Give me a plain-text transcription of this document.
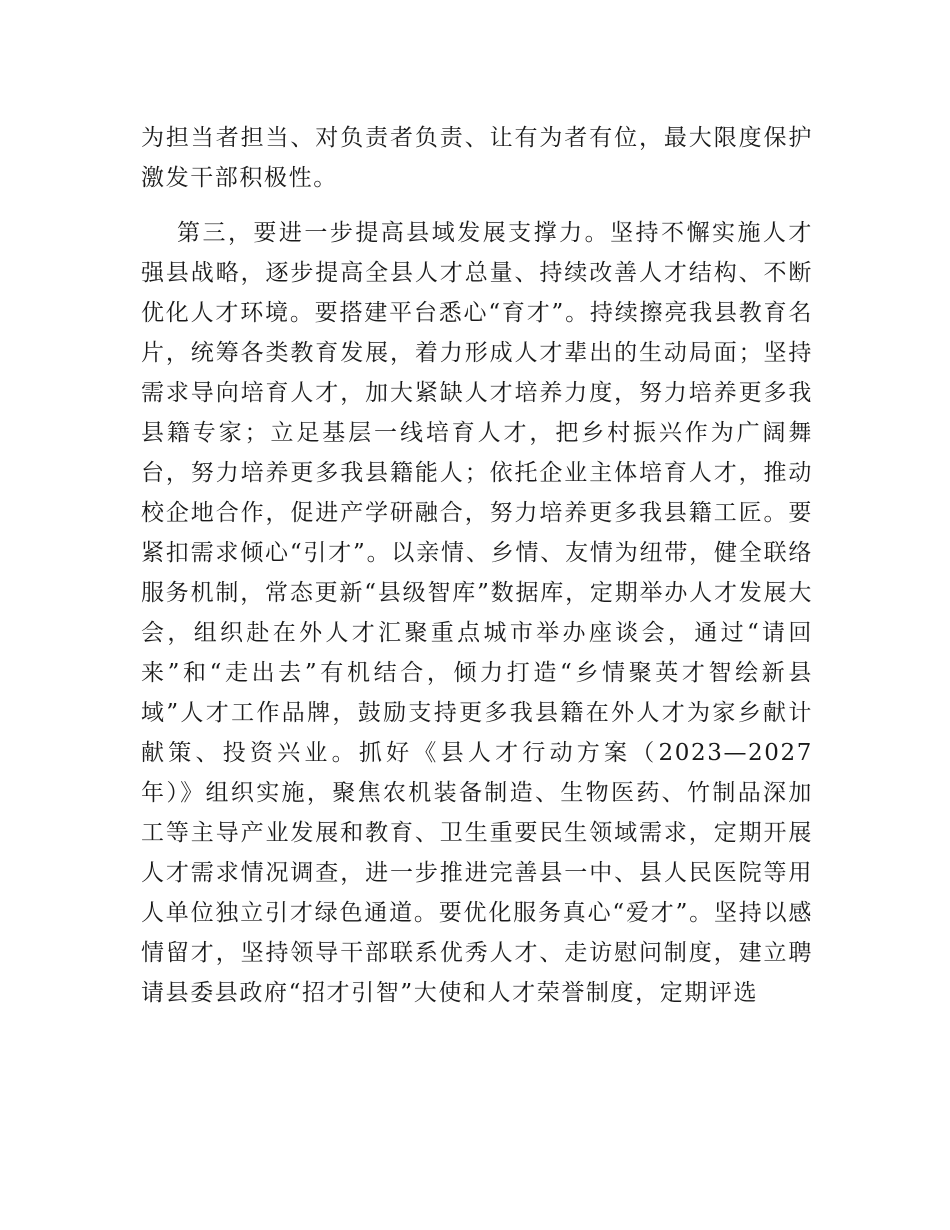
为担当者担当、对负责者负责、让有为者有位，最大限度保护激发干部积极性。

第三，要进一步提高县域发展支撑力。坚持不懈实施人才强县战略，逐步提高全县人才总量、持续改善人才结构、不断优化人才环境。要搭建平台悉心“育才”。持续擦亮我县教育名片，统筹各类教育发展，着力形成人才辈出的生动局面；坚持需求导向培育人才，加大紧缺人才培养力度，努力培养更多我县籍专家；立足基层一线培育人才，把乡村振兴作为广阔舞台，努力培养更多我县籍能人；依托企业主体培育人才，推动校企地合作，促进产学研融合，努力培养更多我县籍工匠。要紧扣需求倾心“引才”。以亲情、乡情、友情为纽带，健全联络服务机制，常态更新“县级智库”数据库，定期举办人才发展大会，组织赴在外人才汇聚重点城市举办座谈会，通过“请回来”和“走出去”有机结合，倾力打造“乡情聚英才智绘新县域”人才工作品牌，鼓励支持更多我县籍在外人才为家乡献计献策、投资兴业。抓好《县人才行动方案（2023—2027年）》组织实施，聚焦农机装备制造、生物医药、竹制品深加工等主导产业发展和教育、卫生重要民生领域需求，定期开展人才需求情况调查，进一步推进完善县一中、县人民医院等用人单位独立引才绿色通道。要优化服务真心“爱才”。坚持以感情留才，坚持领导干部联系优秀人才、走访慰问制度，建立聘请县委县政府“招才引智”大使和人才荣誉制度，定期评选
